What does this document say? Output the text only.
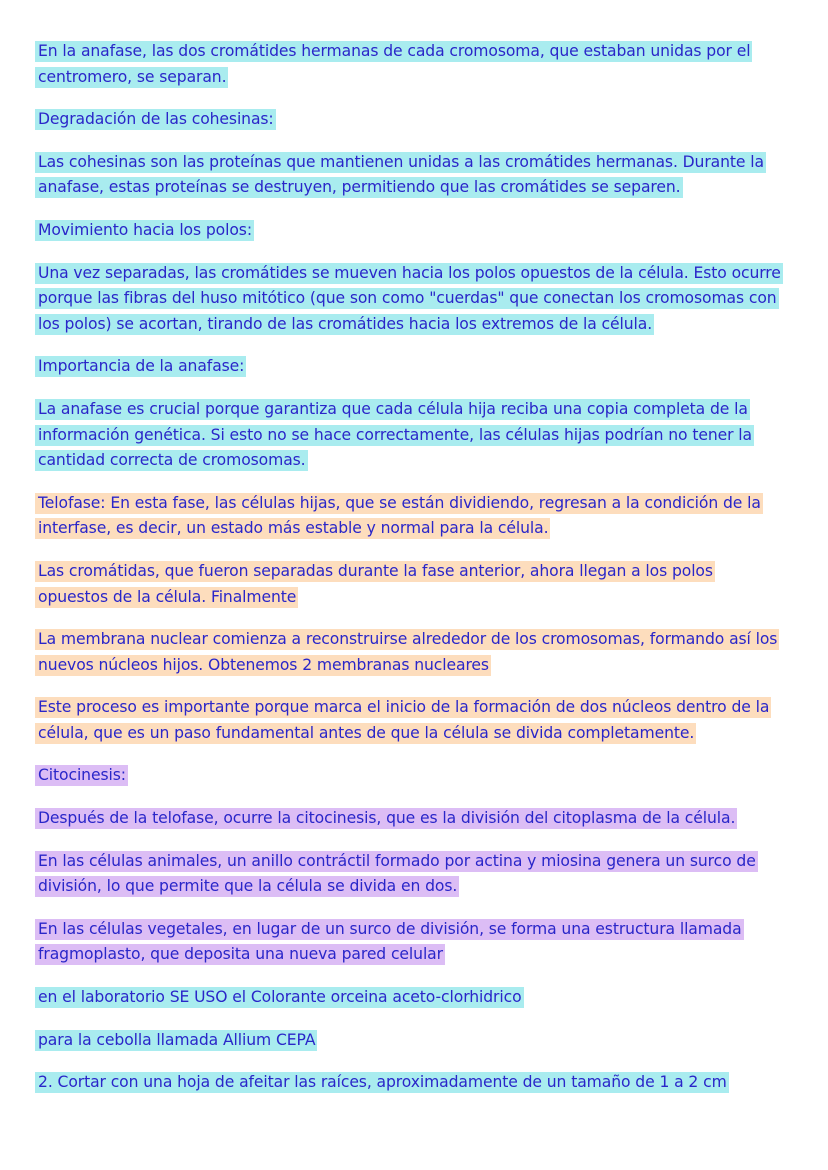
En la anafase, las dos cromátides hermanas de cada cromosoma, que estaban unidas por el
centromero, se separan.

Degradación de las cohesinas:

Las cohesinas son las proteínas que mantienen unidas a las cromátides hermanas. Durante la
anafase, estas proteínas se destruyen, permitiendo que las cromátides se separen.

Movimiento hacia los polos:

Una vez separadas, las cromátides se mueven hacia los polos opuestos de la célula. Esto ocurre
porque las fibras del huso mitótico (que son como "cuerdas" que conectan los cromosomas con
los polos) se acortan, tirando de las cromátides hacia los extremos de la célula.

Importancia de la anafase:

La anafase es crucial porque garantiza que cada célula hija reciba una copia completa de la
información genética. Si esto no se hace correctamente, las células hijas podrían no tener la
cantidad correcta de cromosomas.

Telofase: En esta fase, las células hijas, que se están dividiendo, regresan a la condición de la
interfase, es decir, un estado más estable y normal para la célula.

Las cromátidas, que fueron separadas durante la fase anterior, ahora llegan a los polos
opuestos de la célula. Finalmente

La membrana nuclear comienza a reconstruirse alrededor de los cromosomas, formando así los
nuevos núcleos hijos. Obtenemos 2 membranas nucleares

Este proceso es importante porque marca el inicio de la formación de dos núcleos dentro de la
célula, que es un paso fundamental antes de que la célula se divida completamente.

Citocinesis:

Después de la telofase, ocurre la citocinesis, que es la división del citoplasma de la célula.

En las células animales, un anillo contráctil formado por actina y miosina genera un surco de
división, lo que permite que la célula se divida en dos.

En las células vegetales, en lugar de un surco de división, se forma una estructura llamada
fragmoplasto, que deposita una nueva pared celular

en el laboratorio SE USO el Colorante orceina aceto-clorhidrico

para la cebolla llamada Allium CEPA

2. Cortar con una hoja de afeitar las raíces, aproximadamente de un tamaño de 1 a 2 cm
